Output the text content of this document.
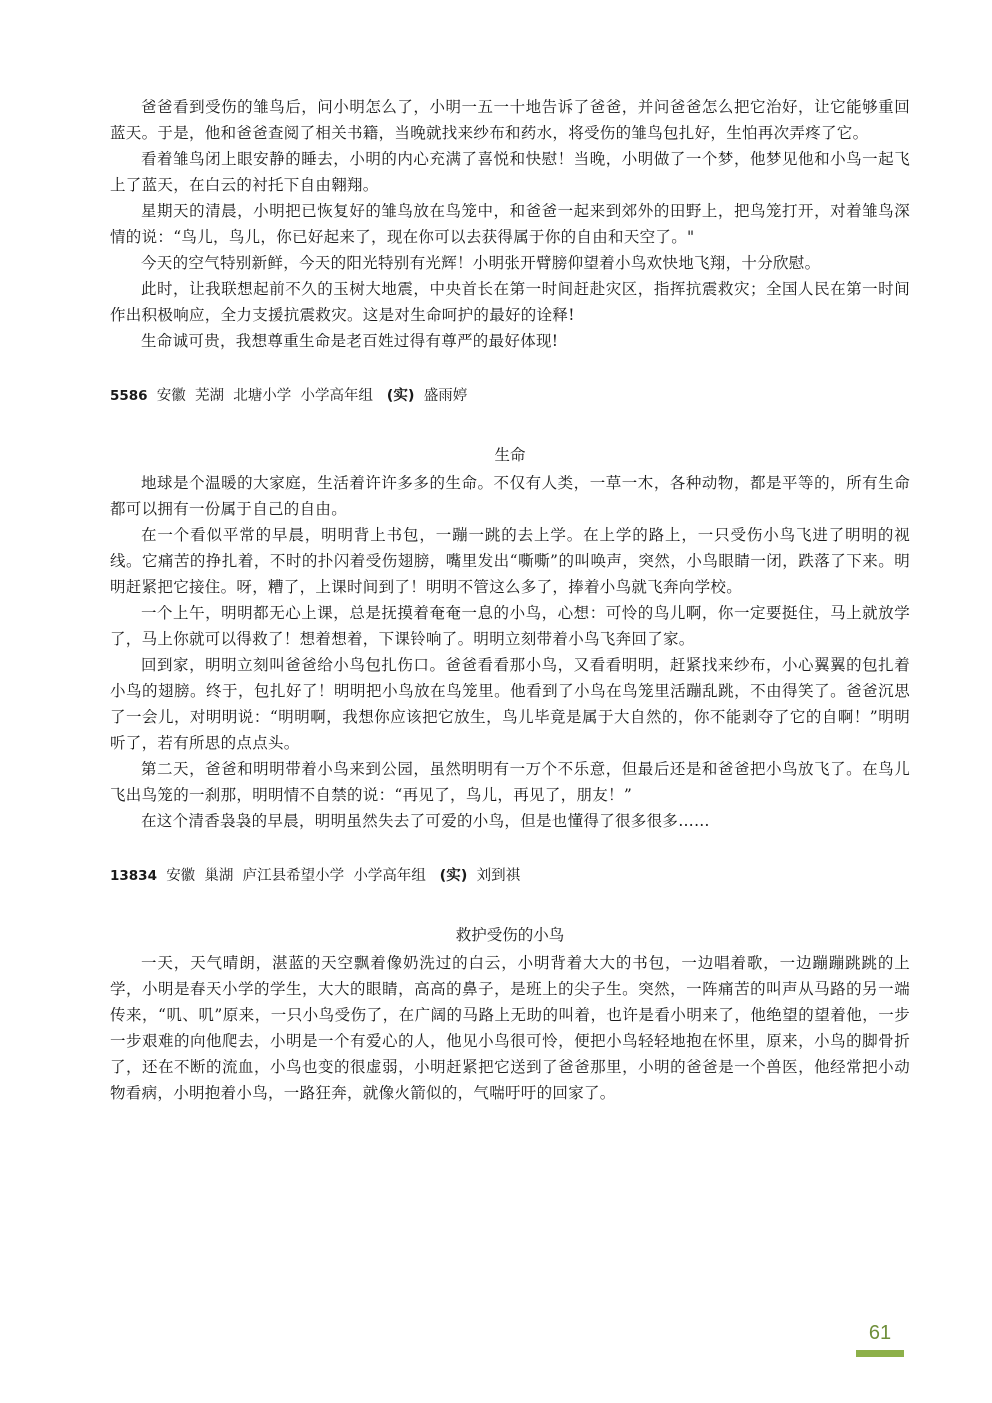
爸爸看到受伤的雏鸟后，问小明怎么了，小明一五一十地告诉了爸爸，并问爸爸怎么把它治好，让它能够重回蓝天。于是，他和爸爸查阅了相关书籍，当晚就找来纱布和药水，将受伤的雏鸟包扎好，生怕再次弄疼了它。

看着雏鸟闭上眼安静的睡去，小明的内心充满了喜悦和快慰！当晚，小明做了一个梦，他梦见他和小鸟一起飞上了蓝天，在白云的衬托下自由翱翔。

星期天的清晨，小明把已恢复好的雏鸟放在鸟笼中，和爸爸一起来到郊外的田野上，把鸟笼打开，对着雏鸟深情的说：“鸟儿，鸟儿，你已好起来了，现在你可以去获得属于你的自由和天空了。"

今天的空气特别新鲜，今天的阳光特别有光辉！小明张开臂膀仰望着小鸟欢快地飞翔，十分欣慰。

此时，让我联想起前不久的玉树大地震，中央首长在第一时间赶赴灾区，指挥抗震救灾；全国人民在第一时间作出积极响应，全力支援抗震救灾。这是对生命呵护的最好的诠释!

生命诚可贵，我想尊重生命是老百姓过得有尊严的最好体现!

5586 安徽 芜湖 北塘小学 小学高年组 (实) 盛雨婷
生命

地球是个温暖的大家庭，生活着许许多多的生命。不仅有人类，一草一木，各种动物，都是平等的，所有生命都可以拥有一份属于自己的自由。

在一个看似平常的早晨，明明背上书包，一蹦一跳的去上学。在上学的路上，一只受伤小鸟飞进了明明的视线。它痛苦的挣扎着，不时的扑闪着受伤翅膀，嘴里发出“嘶嘶”的叫唤声，突然，小鸟眼睛一闭，跌落了下来。明明赶紧把它接住。呀，糟了，上课时间到了！明明不管这么多了，捧着小鸟就飞奔向学校。

一个上午，明明都无心上课，总是抚摸着奄奄一息的小鸟，心想：可怜的鸟儿啊，你一定要挺住，马上就放学了，马上你就可以得救了！想着想着，下课铃响了。明明立刻带着小鸟飞奔回了家。

回到家，明明立刻叫爸爸给小鸟包扎伤口。爸爸看看那小鸟，又看看明明，赶紧找来纱布，小心翼翼的包扎着小鸟的翅膀。终于，包扎好了！明明把小鸟放在鸟笼里。他看到了小鸟在鸟笼里活蹦乱跳，不由得笑了。爸爸沉思了一会儿，对明明说：“明明啊，我想你应该把它放生，鸟儿毕竟是属于大自然的，你不能剥夺了它的自啊！”明明听了，若有所思的点点头。

第二天，爸爸和明明带着小鸟来到公园，虽然明明有一万个不乐意，但最后还是和爸爸把小鸟放飞了。在鸟儿飞出鸟笼的一刹那，明明情不自禁的说：“再见了，鸟儿，再见了，朋友！”

在这个清香袅袅的早晨，明明虽然失去了可爱的小鸟，但是也懂得了很多很多……

13834 安徽 巢湖 庐江县希望小学 小学高年组 (实) 刘到祺
救护受伤的小鸟

一天，天气晴朗，湛蓝的天空飘着像奶洗过的白云，小明背着大大的书包，一边唱着歌，一边蹦蹦跳跳的上学，小明是春天小学的学生，大大的眼睛，高高的鼻子，是班上的尖子生。突然，一阵痛苦的叫声从马路的另一端传来，“叽、叽”原来，一只小鸟受伤了，在广阔的马路上无助的叫着，也许是看小明来了，他绝望的望着他，一步一步艰难的向他爬去，小明是一个有爱心的人，他见小鸟很可怜，便把小鸟轻轻地抱在怀里，原来，小鸟的脚骨折了，还在不断的流血，小鸟也变的很虚弱，小明赶紧把它送到了爸爸那里，小明的爸爸是一个兽医，他经常把小动物看病，小明抱着小鸟，一路狂奔，就像火箭似的，气喘吁吁的回家了。

61
